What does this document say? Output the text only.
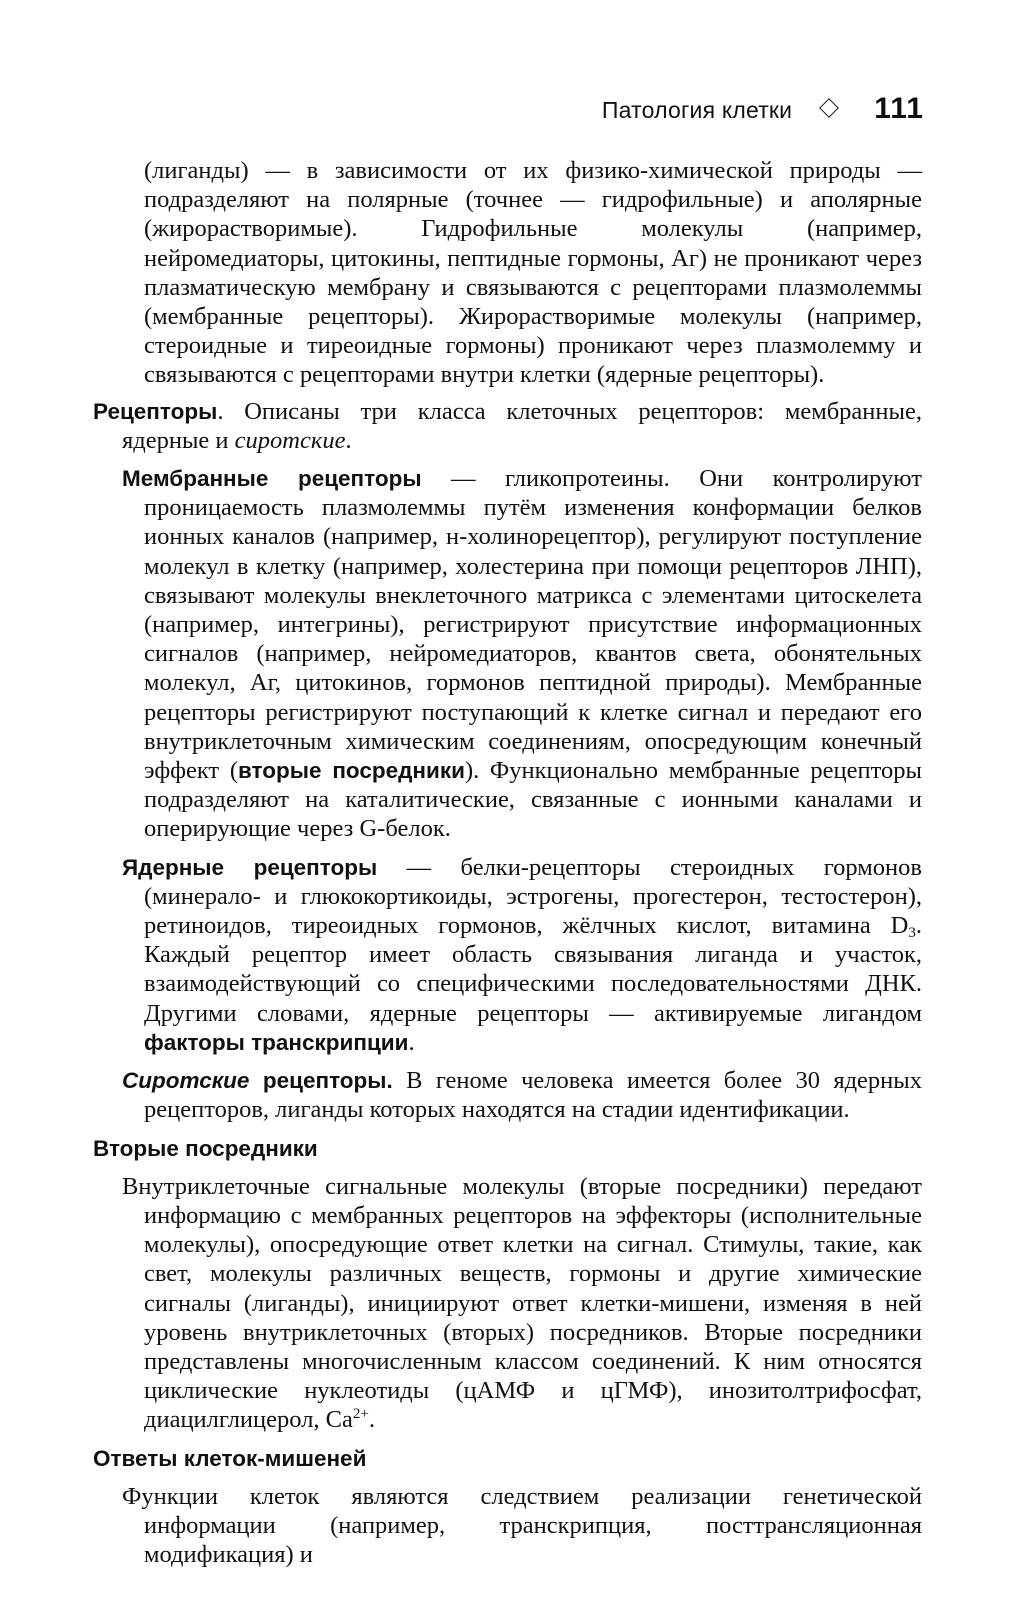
Патология клетки	111

(лиганды) — в зависимости от их физико-химической природы — подразделяют на полярные (точнее — гидрофильные) и аполярные (жирорастворимые). Гидрофильные молекулы (например, нейромедиаторы, цитокины, пептидные гормоны, Аг) не проникают через плазматическую мембрану и связываются с рецепторами плазмолеммы (мембранные рецепторы). Жирорастворимые молекулы (например, стероидные и тиреоидные гормоны) проникают через плазмолемму и связываются с рецепторами внутри клетки (ядерные рецепторы).

Рецепторы. Описаны три класса клеточных рецепторов: мембранные, ядерные и сиротские.

Мембранные рецепторы — гликопротеины. Они контролируют проницаемость плазмолеммы путём изменения конформации белков ионных каналов (например, н-холинорецептор), регулируют поступление молекул в клетку (например, холестерина при помощи рецепторов ЛНП), связывают молекулы внеклеточного матрикса с элементами цитоскелета (например, интегрины), регистрируют присутствие информационных сигналов (например, нейромедиаторов, квантов света, обонятельных молекул, Аг, цитокинов, гормонов пептидной природы). Мембранные рецепторы регистрируют поступающий к клетке сигнал и передают его внутриклеточным химическим соединениям, опосредующим конечный эффект (вторые посредники). Функционально мембранные рецепторы подразделяют на каталитические, связанные с ионными каналами и оперирующие через G-белок.

Ядерные рецепторы — белки-рецепторы стероидных гормонов (минерало- и глюкокортикоиды, эстрогены, прогестерон, тестостерон), ретиноидов, тиреоидных гормонов, жёлчных кислот, витамина $D_3$. Каждый рецептор имеет область связывания лиганда и участок, взаимодействующий со специфическими последовательностями ДНК. Другими словами, ядерные рецепторы — активируемые лигандом факторы транскрипции.

Сиротские рецепторы. В геноме человека имеется более 30 ядерных рецепторов, лиганды которых находятся на стадии идентификации.

Вторые посредники

Внутриклеточные сигнальные молекулы (вторые посредники) передают информацию с мембранных рецепторов на эффекторы (исполнительные молекулы), опосредующие ответ клетки на сигнал. Стимулы, такие, как свет, молекулы различных веществ, гормоны и другие химические сигналы (лиганды), инициируют ответ клетки-мишени, изменяя в ней уровень внутриклеточных (вторых) посредников. Вторые посредники представлены многочисленным классом соединений. К ним относятся циклические нуклеотиды (цАМФ и цГМФ), инозитолтрифосфат, диацилглицерол, $Ca^{2+}$.

Ответы клеток-мишеней

Функции клеток являются следствием реализации генетической информации (например, транскрипция, посттрансляционная модификация) и
